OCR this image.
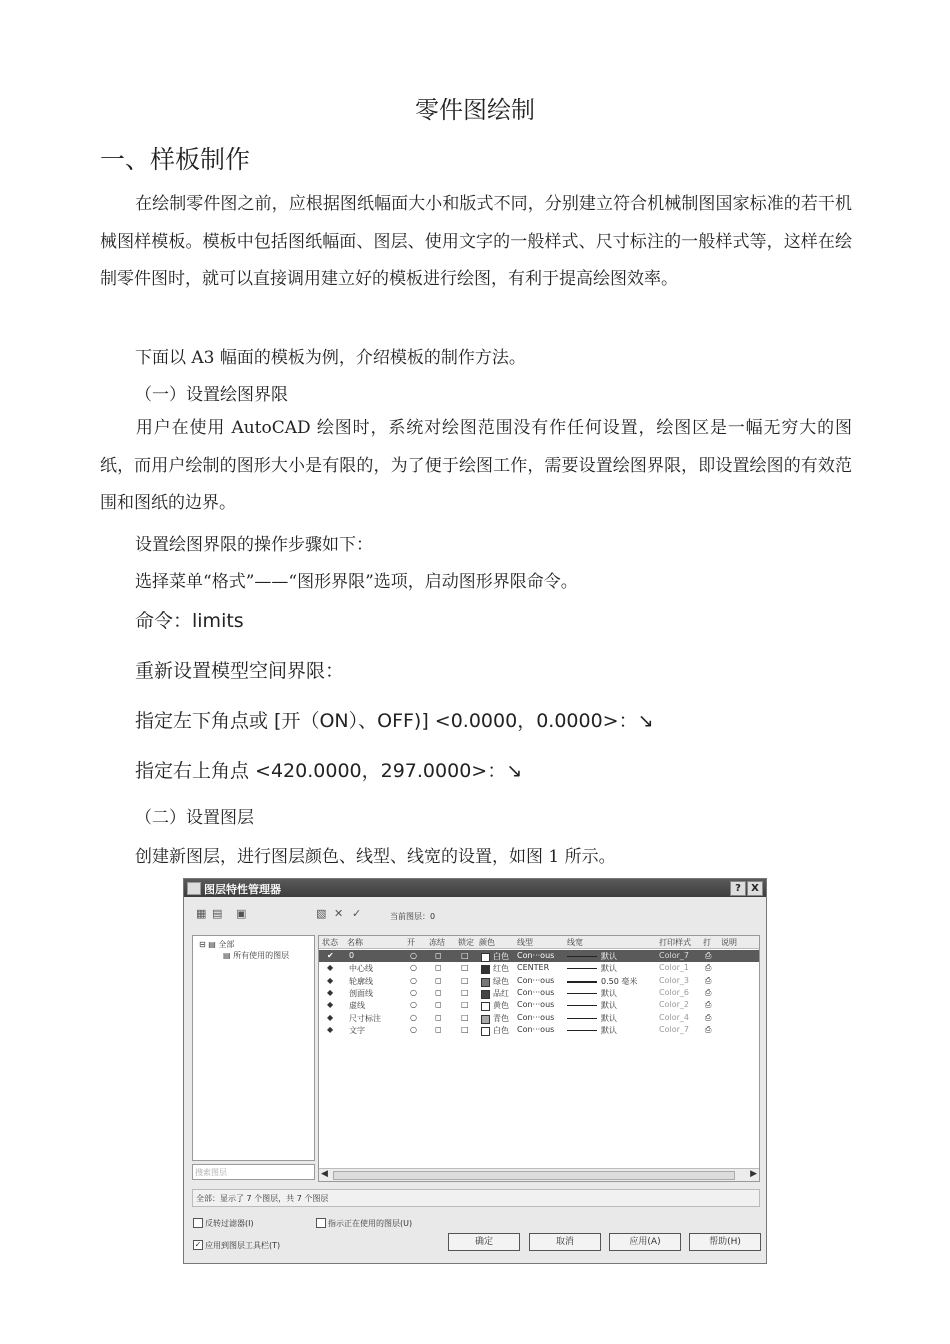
零件图绘制
一、样板制作
在绘制零件图之前，应根据图纸幅面大小和版式不同，分别建立符合机械制图国家标准的若干机械图样模板。模板中包括图纸幅面、图层、使用文字的一般样式、尺寸标注的一般样式等，这样在绘制零件图时，就可以直接调用建立好的模板进行绘图，有利于提高绘图效率。
下面以 A3 幅面的模板为例，介绍模板的制作方法。
（一）设置绘图界限
用户在使用 AutoCAD 绘图时，系统对绘图范围没有作任何设置，绘图区是一幅无穷大的图纸，而用户绘制的图形大小是有限的，为了便于绘图工作，需要设置绘图界限，即设置绘图的有效范围和图纸的边界。
设置绘图界限的操作步骤如下：
选择菜单“格式”——“图形界限”选项，启动图形界限命令。
命令：limits
重新设置模型空间界限：
指定左下角点或 [开（ON）、OFF)] <0.0000，0.0000>：↘
指定右上角点 <420.0000，297.0000>：↘
（二）设置图层
创建新图层，进行图层颜色、线型、线宽的设置，如图 1 所示。
图层特性管理器	?	X
▦ ▤ ▣	▧ ✕ ✓	当前图层：0
⊟ ▤ 全部
▤ 所有使用的图层
搜索图层
状态 名称	开 冻结 锁定 颜色	线型	线宽	打印样式 打 说明
✔ 0	○ ◻ □	白色 Con···ous	默认	Color_7 ⎙
◆ 中心线	○ ◻ □	红色 CENTER	默认	Color_1 ⎙
◆ 轮廓线	○ ◻ □	绿色 Con···ous	0.50 毫米	Color_3 ⎙
◆ 剖面线	○ ◻ □	品红 Con···ous	默认	Color_6 ⎙
◆ 虚线	○ ◻ □	黄色 Con···ous	默认	Color_2 ⎙
◆ 尺寸标注	○ ◻ □	青色 Con···ous	默认	Color_4 ⎙
◆ 文字	○ ◻ □	白色 Con···ous	默认	Color_7 ⎙
◀	▶
全部：显示了 7 个图层，共 7 个图层
反转过滤器(I)	指示正在使用的图层(U)
✓ 应用到图层工具栏(T)	确定	取消	应用(A)	帮助(H)
